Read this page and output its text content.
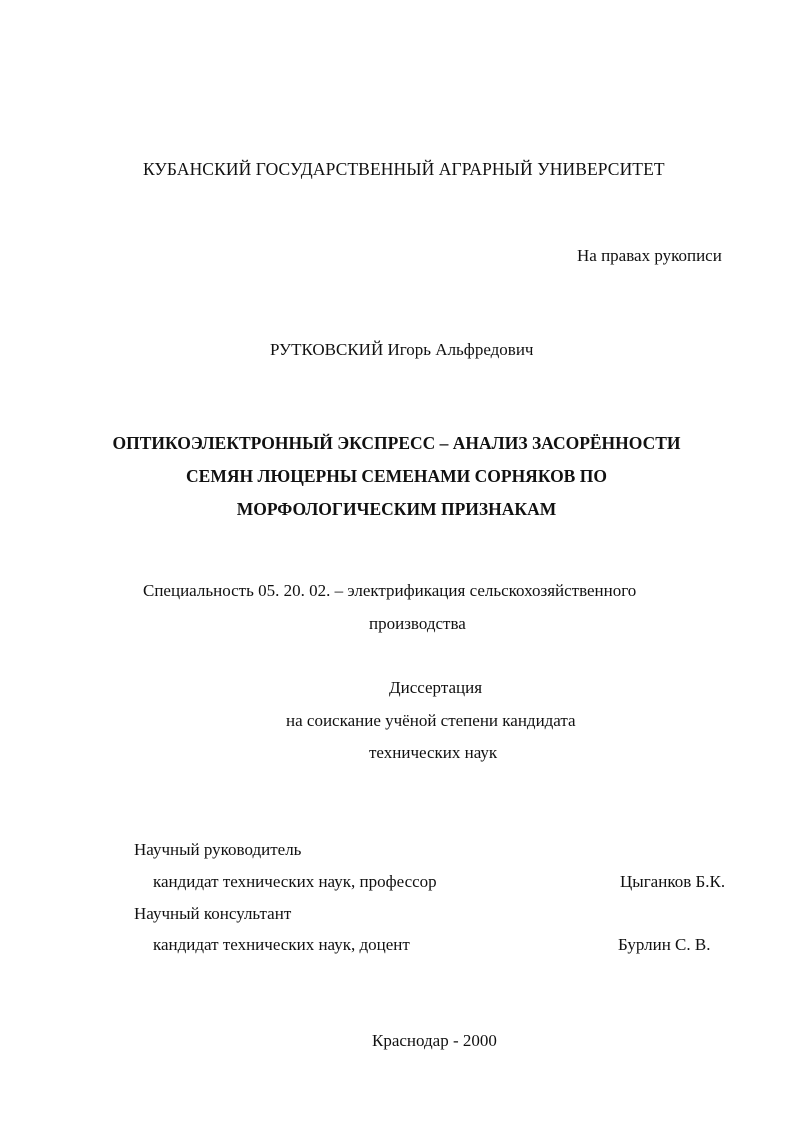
КУБАНСКИЙ ГОСУДАРСТВЕННЫЙ АГРАРНЫЙ УНИВЕРСИТЕТ
На правах рукописи
РУТКОВСКИЙ Игорь Альфредович
ОПТИКОЭЛЕКТРОННЫЙ ЭКСПРЕСС – АНАЛИЗ ЗАСОРЁННОСТИ
СЕМЯН ЛЮЦЕРНЫ СЕМЕНАМИ СОРНЯКОВ ПО
МОРФОЛОГИЧЕСКИМ ПРИЗНАКАМ
Специальность 05. 20. 02. – электрификация сельскохозяйственного
производства
Диссертация
на соискание учёной степени кандидата
технических наук
Научный руководитель
кандидат технических наук, профессор	Цыганков Б.К.
Научный консультант
кандидат технических наук, доцент	Бурлин С. В.
Краснодар - 2000
